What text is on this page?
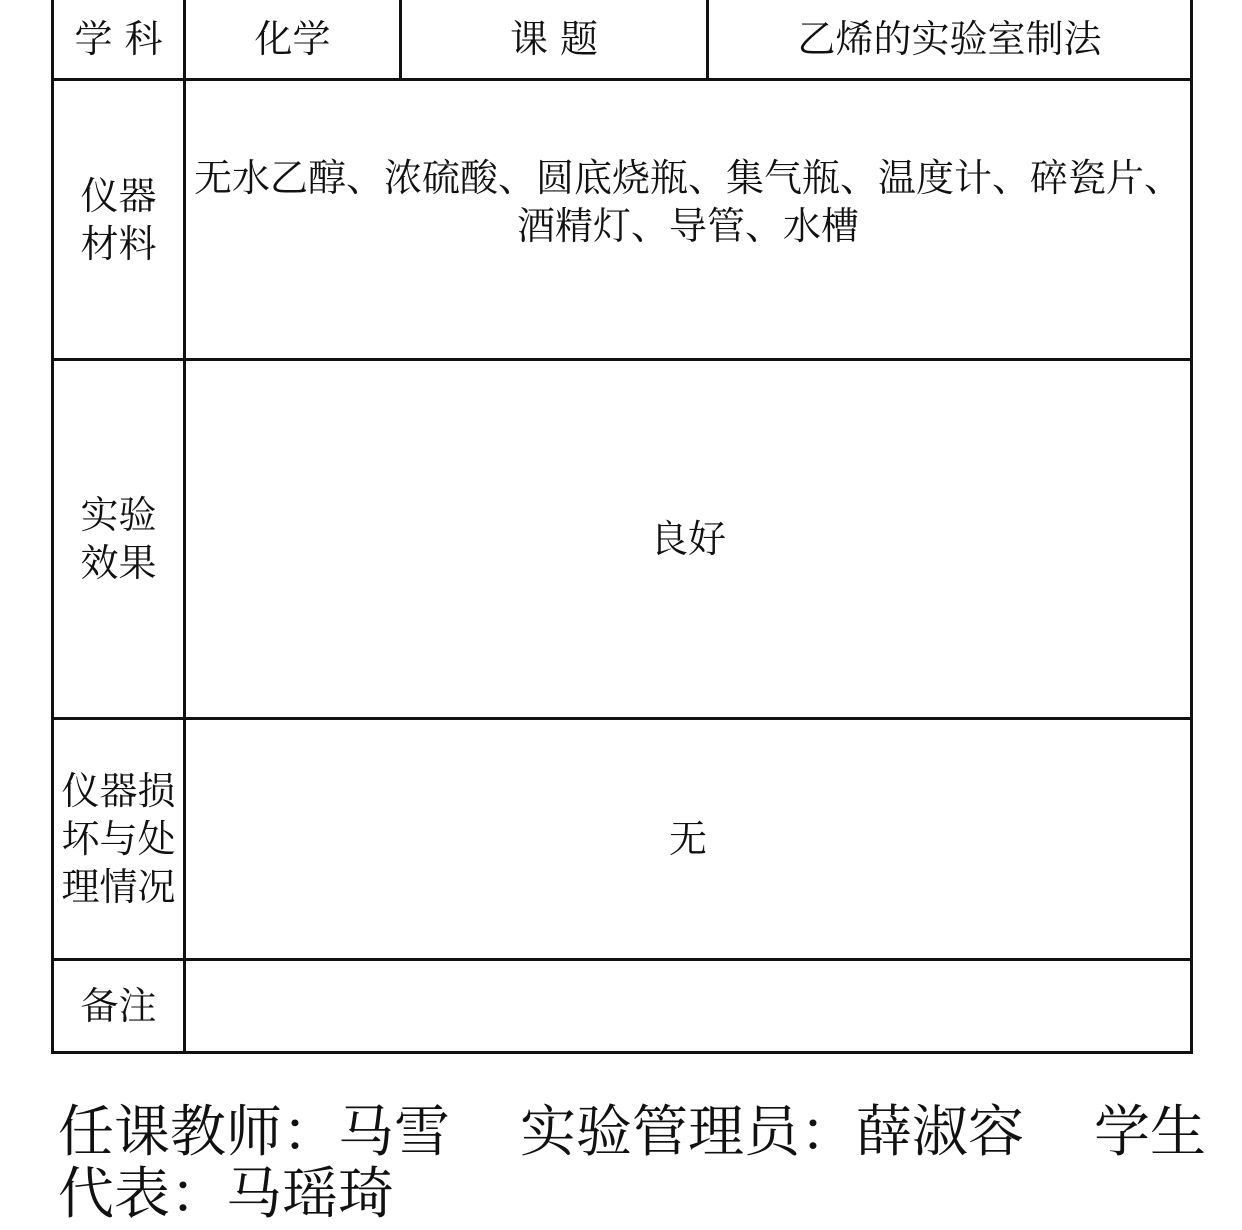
学 科	化学	课 题	乙烯的实验室制法

仪器
材料	无水乙醇、浓硫酸、圆底烧瓶、集气瓶、温度计、碎瓷片、酒精灯、导管、水槽		

实验
效果	良好		

仪器损
坏与处
理情况	无		
备注			
任课教师：马雪 实验管理员：薛淑容 学生
代表：马瑶琦
